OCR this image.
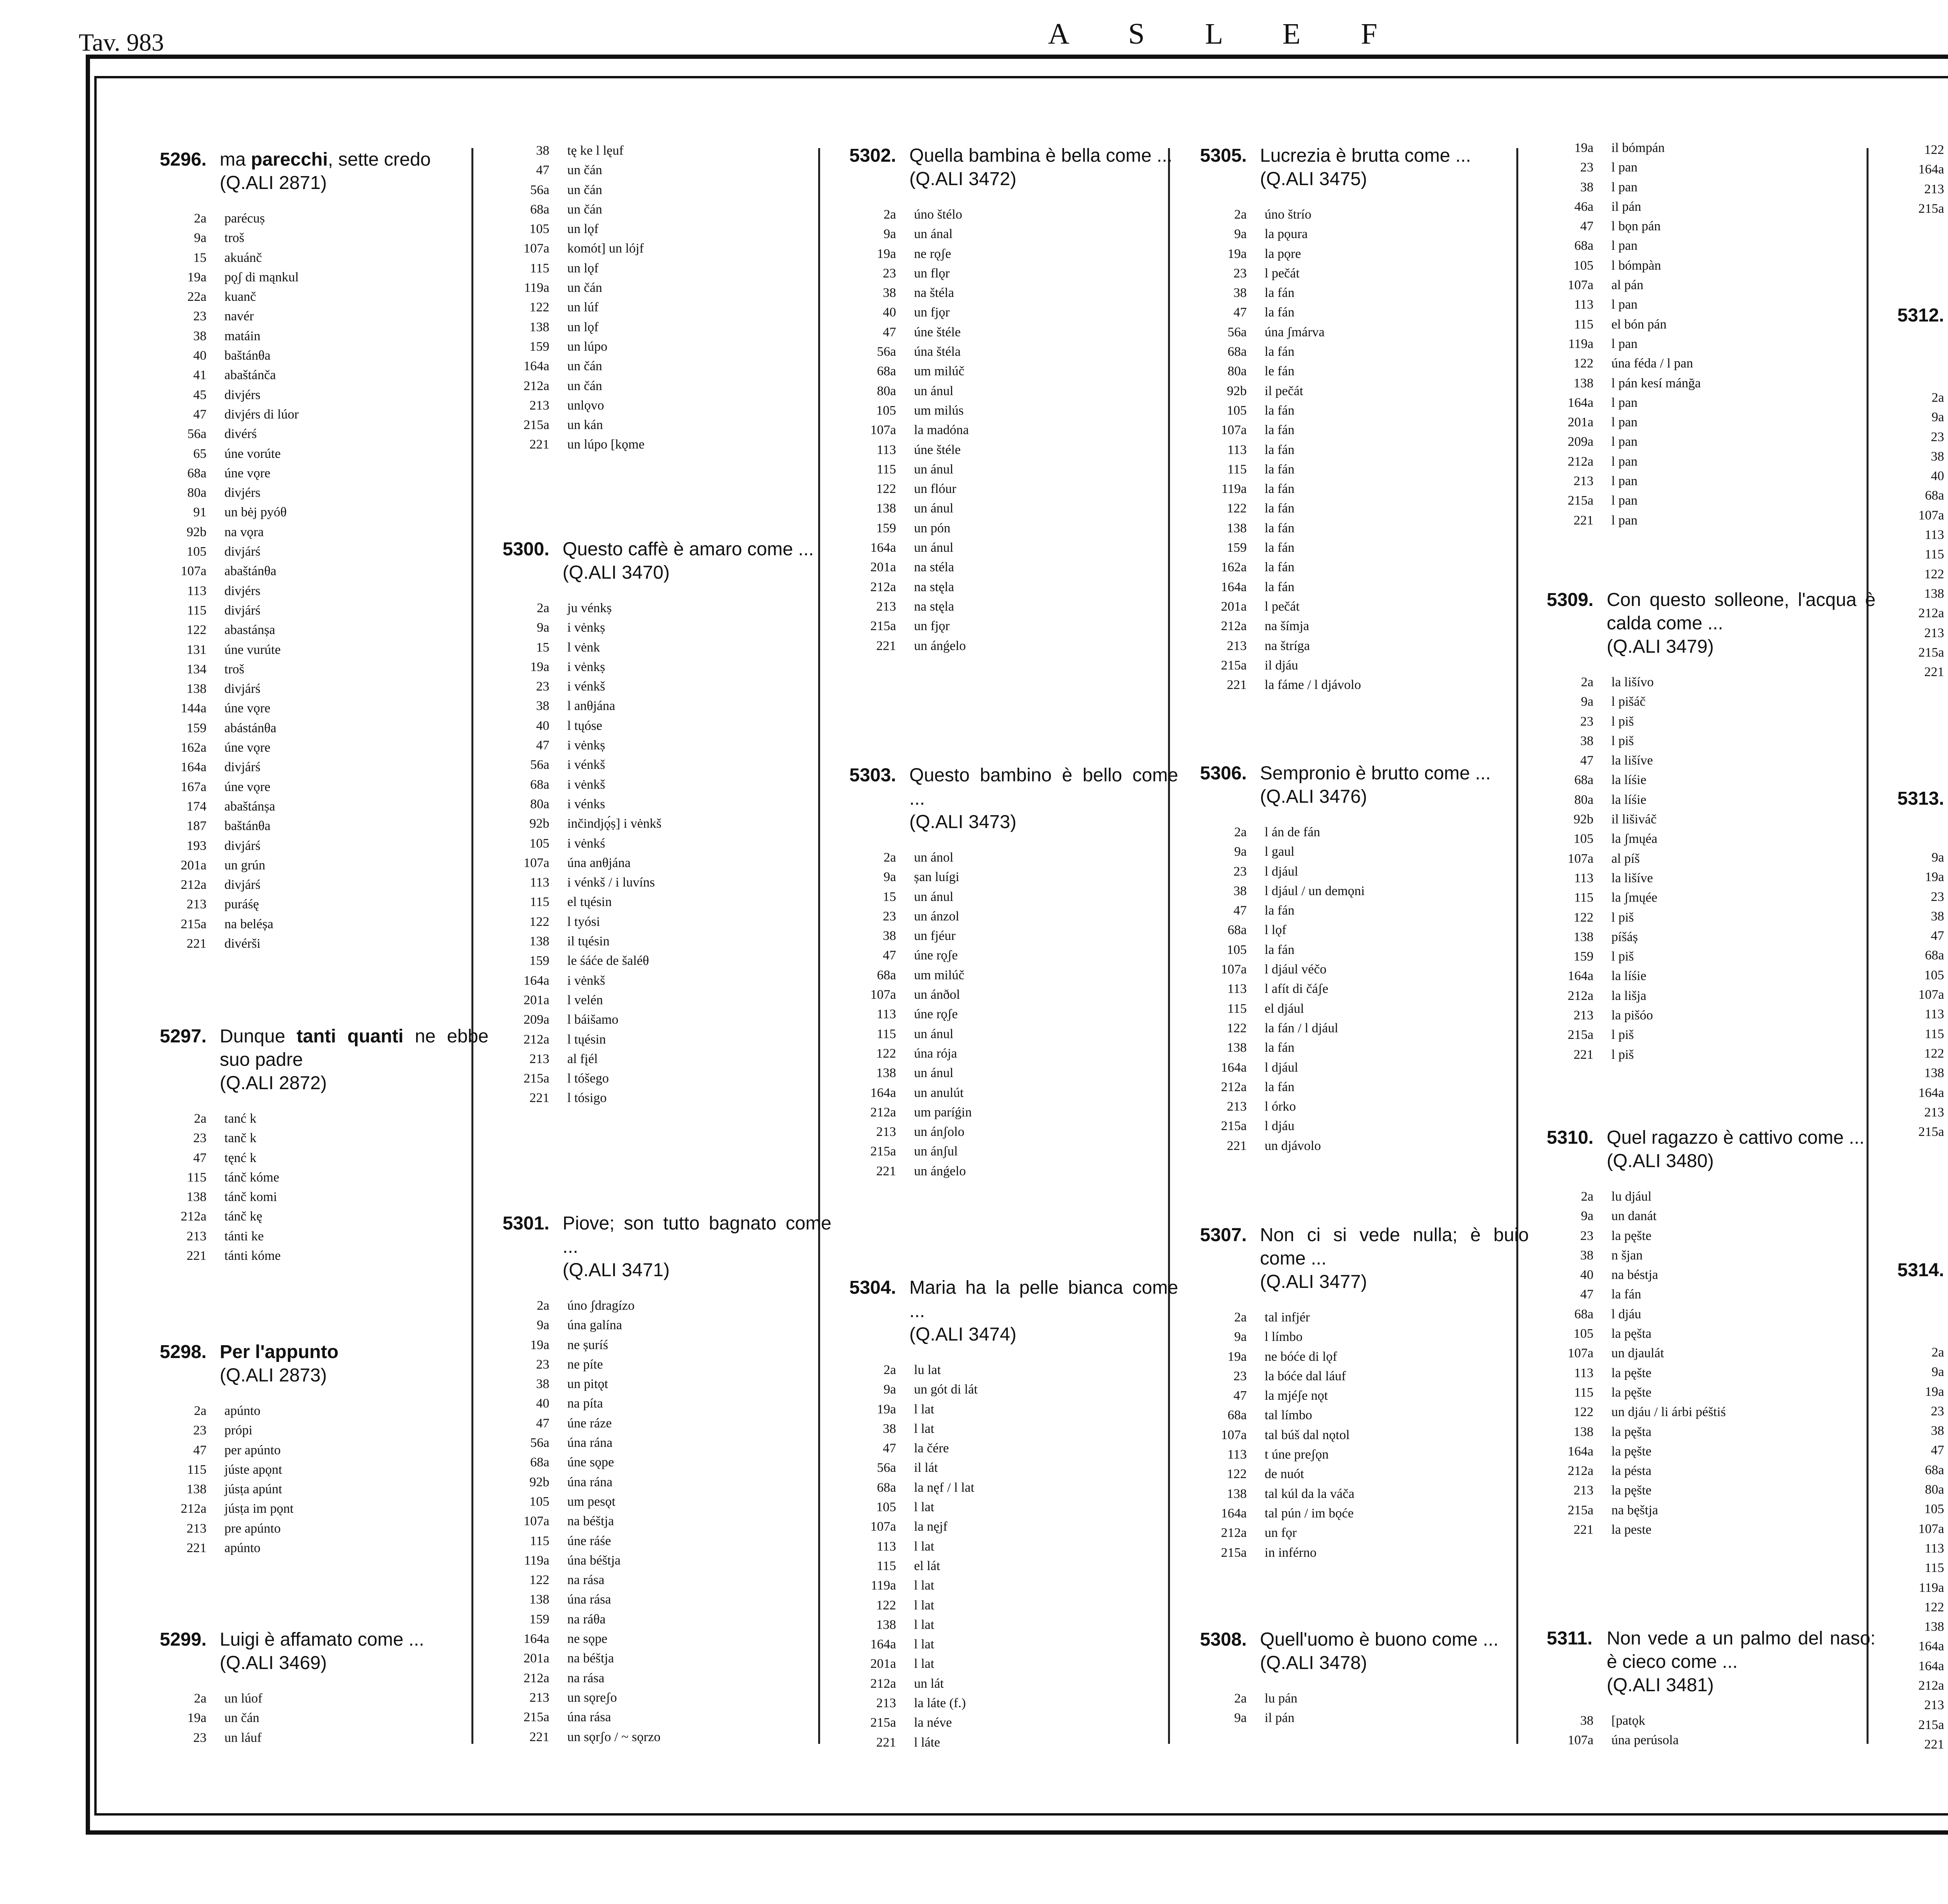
Tav. 983	A S L E F
5296. ma parecchi, sette credo
(Q.ALI 2871)
2a parécuṣ
9a troš
15 akuánč
19a pǫʃ di mąnkul
22a kuanč
23 navér
38 matáin
40 baštánθa
41 abaštánča
45 divjérs
47 divjérs di lúor
56a divérś
65 úne vorúte
68a úne vǫre
80a divjérs
91 un bėj pyóθ
92b na vǫra
105 divjárś
107a abaštánθa
113 divjérs
115 divjárś
122 abastánșa
131 úne vurúte
134 troš
138 divjárś
144a úne vǫre
159 abástánθa
162a úne vǫre
164a divjárś
167a úne vǫre
174 abaštánșa
187 baštánθa
193 divjárś
201a un grún
212a divjárś
213 puráśę
215a na beléșa
221 divérši
5297. Dunque tanti quanti ne ebbe suo padre
(Q.ALI 2872)
2a tanć k
23 tanč k
47 tęnć k
115 tánč kóme
138 tánč komi
212a tánč kę
213 tánti ke
221 tánti kóme
5298. Per l'appunto
(Q.ALI 2873)
2a apúnto
23 própi
47 per apúnto
115 júste apǫnt
138 júsṭa apúnt
212a júsṭa im pǫnt
213 pre apúnto
221 apúnto
5299. Luigi è affamato come ...
(Q.ALI 3469)
2a un lúof
19a un čán
23 un láuf
38 tę ke l lęuf
47 un čán
56a un čán
68a un čán
105 un lǫf
107a komót] un lójf
115 un lǫf
119a un čán
122 un lúf
138 un lǫf
159 un lúpo
164a un čán
212a un čán
213 unlǫvo
215a un kán
221 un lúpo [kǫme
5300. Questo caffè è amaro come ...
(Q.ALI 3470)
2a ju vénkṣ
9a i vėnkṣ
15 l vėnk
19a i vėnkṣ
23 i vénkš
38 l anθjána
40 l tųóse
47 i vėnkṣ
56a i vénkš
68a i vėnkš
80a i vénks
92b inčindjǫ́ṣ] i vėnkš
105 i vėnkś
107a úna anθjána
113 i vénkš / i luvíns
115 el tųésin
122 l tyósi
138 il tųésin
159 le śáće de šaléθ
164a i vėnkš
201a l velén
209a l báišamo
212a l tųésin
213 al fįél
215a l tóšego
221 l tósigo
5301. Piove; son tutto bagnato come ...
(Q.ALI 3471)
2a úno ʃdragízo
9a úna galína
19a ne șuríś
23 ne píte
38 un pitǫt
40 na píta
47 úne ráze
56a úna rána
68a úne sǫpe
92b úna rána
105 um pesǫt
107a na béštja
115 úne ráśe
119a úna béštja
122 na rása
138 úna rása
159 na ráθa
164a ne sǫpe
201a na béštja
212a na rása
213 un sǫreʃo
215a úna rása
221 un sǫrʃo / ~ sǫrzo
5302. Quella bambina è bella come ...
(Q.ALI 3472)
2a úno štélo
9a un ánal
19a ne rǫʃe
23 un flǫr
38 na štéla
40 un fjǫr
47 úne štéle
56a úna štéla
68a um milúč
80a un ánul
105 um milús
107a la madóna
113 úne štéle
115 un ánul
122 un flóur
138 un ánul
159 un pón
164a un ánul
201a na stéla
212a na stęla
213 na stęla
215a un fjǫr
221 un ánǵelo
5303. Questo bambino è bello come ...
(Q.ALI 3473)
2a un ánol
9a șan luígi
15 un ánul
23 un ánzol
38 un fjéur
47 úne rǫʃe
68a um milúč
107a un ánðol
113 úne rǫʃe
115 un ánul
122 úna rója
138 un ánul
164a un anulút
212a um paríǵin
213 un ánʃolo
215a un ánʃul
221 un ánǵelo
5304. Maria ha la pelle bianca come ...
(Q.ALI 3474)
2a lu lat
9a un gót di lát
19a l lat
38 l lat
47 la čére
56a il lát
68a la nęf / l lat
105 l lat
107a la nęjf
113 l lat
115 el lát
119a l lat
122 l lat
138 l lat
164a l lat
201a l lat
212a un lát
213 la láte (f.)
215a la néve
221 l láte
5305. Lucrezia è brutta come ...
(Q.ALI 3475)
2a úno štrío
9a la pǫura
19a la pǫre
23 l pečát
38 la fán
47 la fán
56a úna ʃmárva
68a la fán
80a le fán
92b il pečát
105 la fán
107a la fán
113 la fán
115 la fán
119a la fán
122 la fán
138 la fán
159 la fán
162a la fán
164a la fán
201a l pečát
212a na šímja
213 na štríga
215a il djáu
221 la fáme / l djávolo
5306. Sempronio è brutto come ...
(Q.ALI 3476)
2a l án de fán
9a l gaul
23 l djául
38 l djául / un demǫni
47 la fán
68a l lǫf
105 la fán
107a l djául véčo
113 l afít di čáʃe
115 el djául
122 la fán / l djául
138 la fán
164a l djául
212a la fán
213 l órko
215a l djáu
221 un djávolo
5307. Non ci si vede nulla; è buio come ...
(Q.ALI 3477)
2a tal infjér
9a l límbo
19a ne bóće di lǫf
23 la bóće dal láuf
47 la mjéʃe nǫt
68a tal límbo
107a tal búš dal nǫtol
113 t úne preʃǫn
122 de nuót
138 tal kúl da la váča
164a tal pún / im bǫće
212a un fǫr
215a in inférno
5308. Quell'uomo è buono come ...
(Q.ALI 3478)
2a lu pán
9a il pán
19a il bómpán
23 l pan
38 l pan
46a il pán
47 l bǫn pán
68a l pan
105 l bómpàn
107a al pán
113 l pan
115 el bón pán
119a l pan
122 úna féda / l pan
138 l pán kesí mánğa
164a l pan
201a l pan
209a l pan
212a l pan
213 l pan
215a l pan
221 l pan
5309. Con questo solleone, l'acqua è calda come ...
(Q.ALI 3479)
2a la lišívo
9a l pišáč
23 l piš
38 l piš
47 la lišíve
68a la líśie
80a la líśie
92b il lišiváč
105 la ʃmųéa
107a al píš
113 la lišíve
115 la ʃmųée
122 l piš
138 píšáș
159 l piš
164a la líśie
212a la lišja
213 la pišóo
215a l piš
221 l piš
5310. Quel ragazzo è cattivo come ...
(Q.ALI 3480)
2a lu djául
9a un danát
23 la pęšte
38 n šjan
40 na béstja
47 la fán
68a l djáu
105 la pęšta
107a un djaulát
113 la pęšte
115 la pęšte
122 un djáu / li árbi péštiś
138 la pęšta
164a la pęšte
212a la pésta
213 la pęšte
215a na bęštja
221 la peste
5311. Non vede a un palmo del naso: è cieco come ...
(Q.ALI 3481)
38 [patǫk
107a úna perúsola
122
164a
213
215a
5312.
2a
9a
23
38
40
68a
107a
113
115
122
138
212a
213
215a
221
5313.
9a
19a
23
38
47
68a
105
107a
113
115
122
138
164a
213
215a
5314.
2a
9a
19a
23
38
47
68a
80a
105
107a
113
115
119a
122
138
164a
164a
212a
213
215a
221
